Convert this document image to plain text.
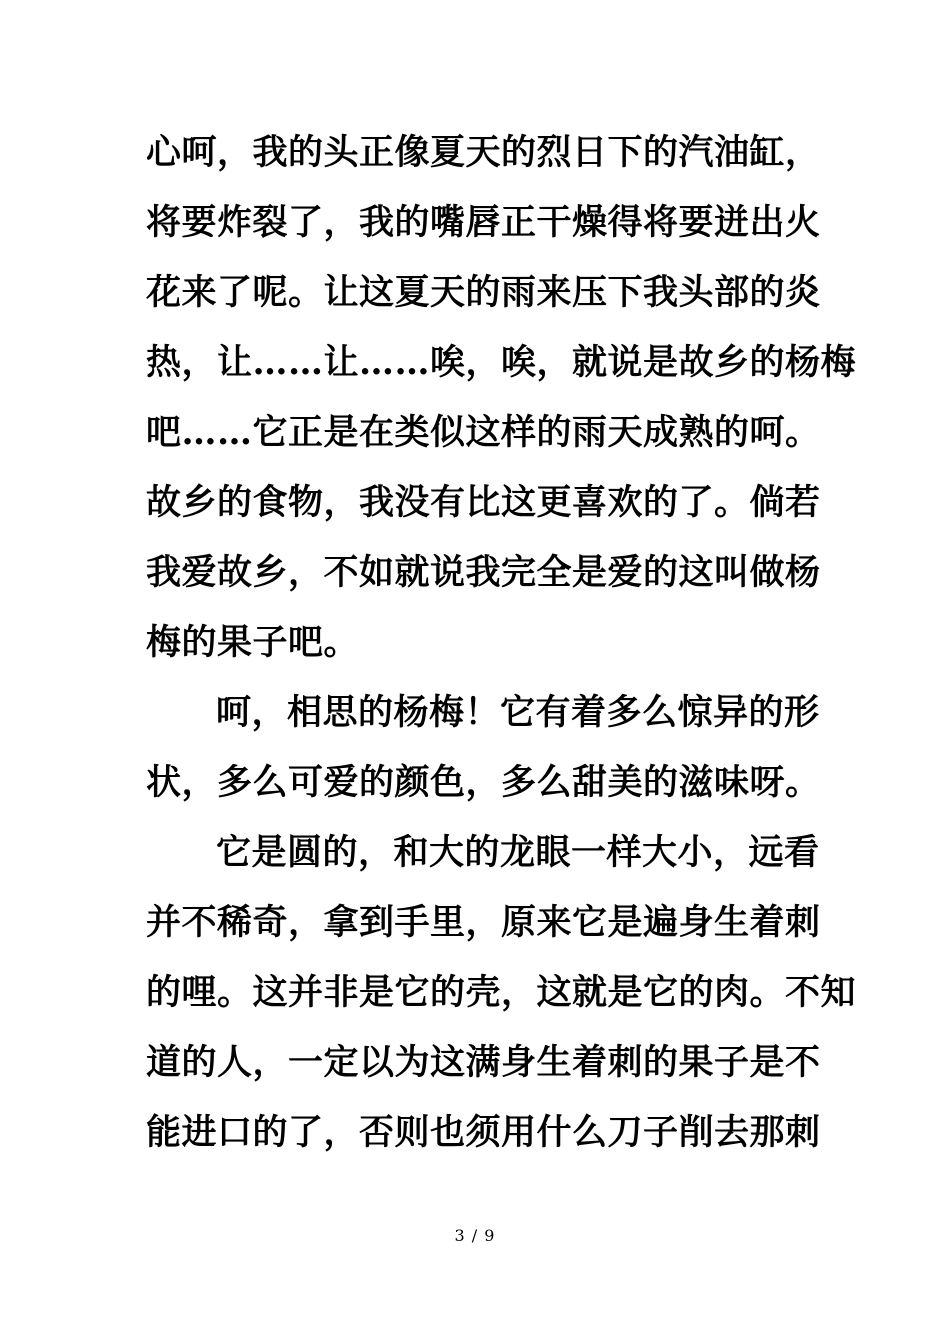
心呵，我的头正像夏天的烈日下的汽油缸，
将要炸裂了，我的嘴唇正干燥得将要迸出火
花来了呢。让这夏天的雨来压下我头部的炎
热，让……让……唉，唉，就说是故乡的杨梅
吧……它正是在类似这样的雨天成熟的呵。
故乡的食物，我没有比这更喜欢的了。倘若
我爱故乡，不如就说我完全是爱的这叫做杨
梅的果子吧。
呵，相思的杨梅！它有着多么惊异的形
状，多么可爱的颜色，多么甜美的滋味呀。
它是圆的，和大的龙眼一样大小，远看
并不稀奇，拿到手里，原来它是遍身生着刺
的哩。这并非是它的壳，这就是它的肉。不知
道的人，一定以为这满身生着刺的果子是不
能进口的了，否则也须用什么刀子削去那刺
3 / 9
